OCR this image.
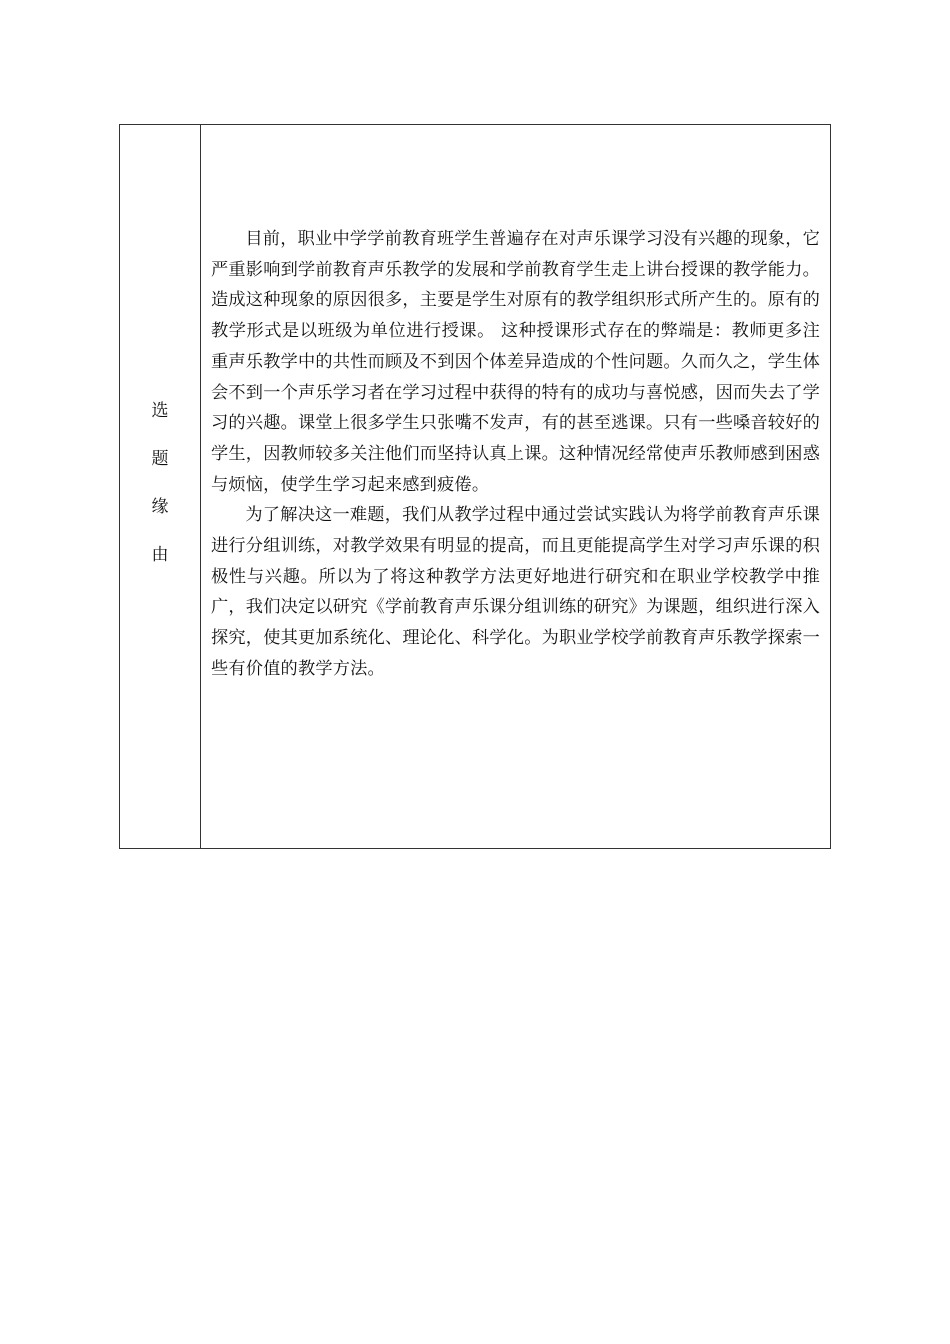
选
题
缘
由

目前，职业中学学前教育班学生普遍存在对声乐课学习没有兴趣的现象，它严重影响到学前教育声乐教学的发展和学前教育学生走上讲台授课的教学能力。造成这种现象的原因很多，主要是学生对原有的教学组织形式所产生的。原有的教学形式是以班级为单位进行授课。 这种授课形式存在的弊端是：教师更多注重声乐教学中的共性而顾及不到因个体差异造成的个性问题。久而久之，学生体会不到一个声乐学习者在学习过程中获得的特有的成功与喜悦感，因而失去了学习的兴趣。课堂上很多学生只张嘴不发声，有的甚至逃课。只有一些嗓音较好的学生，因教师较多关注他们而坚持认真上课。这种情况经常使声乐教师感到困惑与烦恼，使学生学习起来感到疲倦。

为了解决这一难题，我们从教学过程中通过尝试实践认为将学前教育声乐课进行分组训练，对教学效果有明显的提高，而且更能提高学生对学习声乐课的积极性与兴趣。所以为了将这种教学方法更好地进行研究和在职业学校教学中推广，我们决定以研究《学前教育声乐课分组训练的研究》为课题，组织进行深入探究，使其更加系统化、理论化、科学化。为职业学校学前教育声乐教学探索一些有价值的教学方法。
